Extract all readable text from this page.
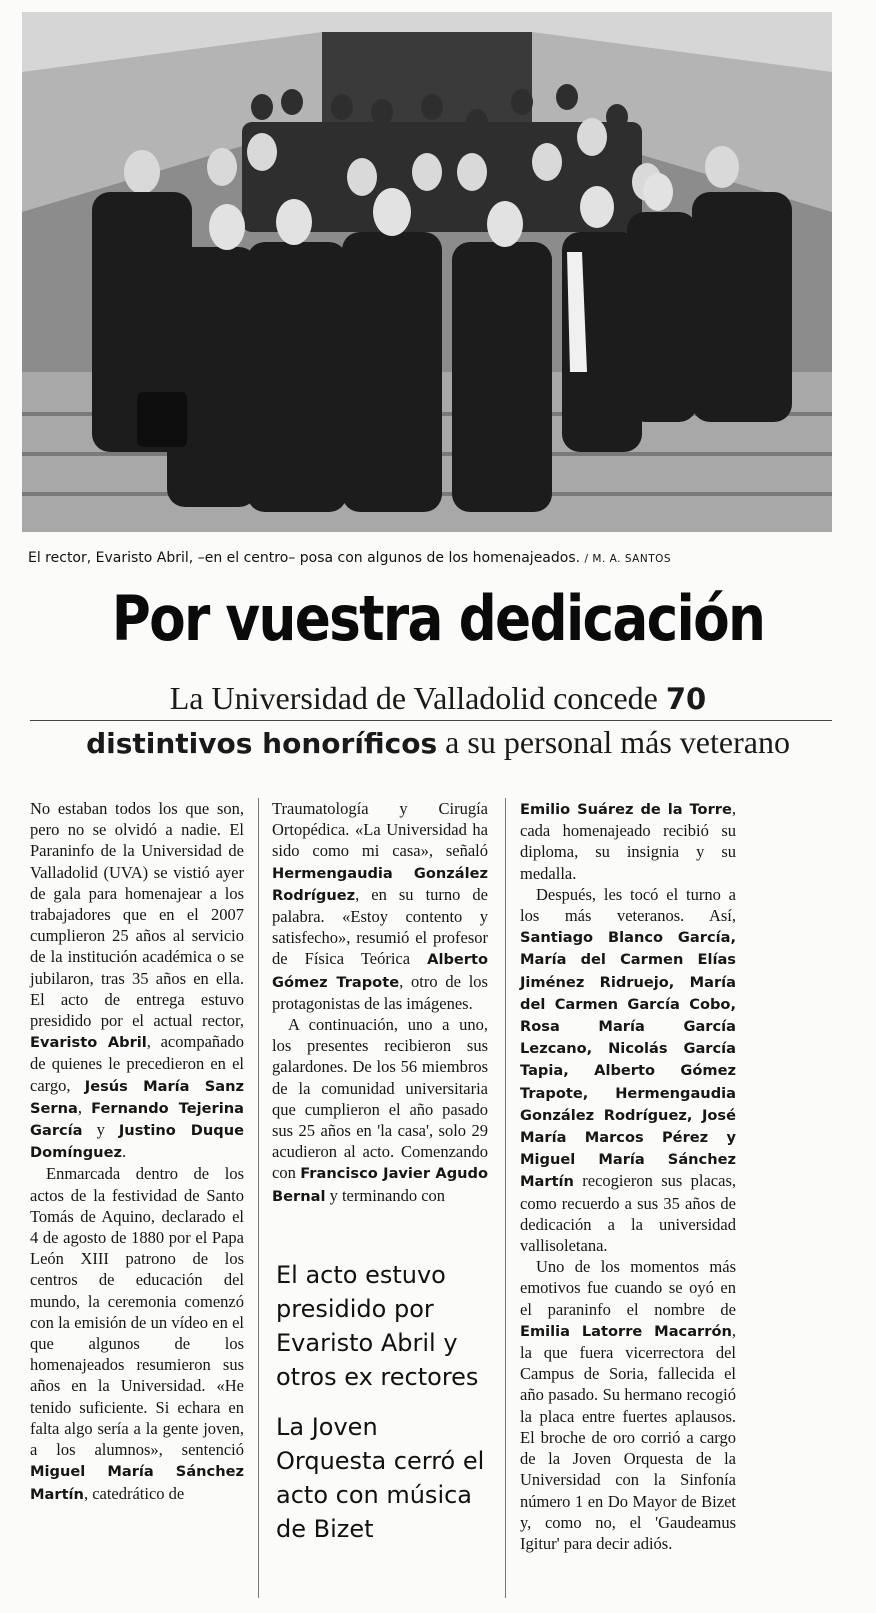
El rector, Evaristo Abril, –en el centro– posa con algunos de los homenajeados. / M. A. SANTOS
Por vuestra dedicación
La Universidad de Valladolid concede 70
distintivos honoríficos a su personal más veterano

No estaban todos los que son, pero no se olvidó a nadie. El Paraninfo de la Universidad de Valladolid (UVA) se vistió ayer de gala para homenajear a los trabajadores que en el 2007 cumplieron 25 años al servicio de la institución académica o se jubilaron, tras 35 años en ella. El acto de entrega estuvo presidido por el actual rector, Evaristo Abril, acompañado de quienes le precedieron en el cargo, Jesús María Sanz Serna, Fernando Tejerina García y Justino Duque Domínguez.

Enmarcada dentro de los actos de la festividad de Santo Tomás de Aquino, declarado el 4 de agosto de 1880 por el Papa León XIII patrono de los centros de educación del mundo, la ceremonia comenzó con la emisión de un vídeo en el que algunos de los homenajeados resumieron sus años en la Universidad. «He tenido suficiente. Si echara en falta algo sería a la gente joven, a los alumnos», sentenció Miguel María Sánchez Martín, catedrático de

Traumatología y Cirugía Ortopédica. «La Universidad ha sido como mi casa», señaló Hermengaudia González Rodríguez, en su turno de palabra. «Estoy contento y satisfecho», resumió el profesor de Física Teórica Alberto Gómez Trapote, otro de los protagonistas de las imágenes.

A continuación, uno a uno, los presentes recibieron sus galardones. De los 56 miembros de la comunidad universitaria que cumplieron el año pasado sus 25 años en 'la casa', solo 29 acudieron al acto. Comenzando con Francisco Javier Agudo Bernal y terminando con

El acto estuvo presidido por Evaristo Abril y otros ex rectores
La Joven Orquesta cerró el acto con música de Bizet

Emilio Suárez de la Torre, cada homenajeado recibió su diploma, su insignia y su medalla.

Después, les tocó el turno a los más veteranos. Así, Santiago Blanco García, María del Carmen Elías Jiménez Ridruejo, María del Carmen García Cobo, Rosa María García Lezcano, Nicolás García Tapia, Alberto Gómez Trapote, Hermengaudia González Rodríguez, José María Marcos Pérez y Miguel María Sánchez Martín recogieron sus placas, como recuerdo a sus 35 años de dedicación a la universidad vallisoletana.

Uno de los momentos más emotivos fue cuando se oyó en el paraninfo el nombre de Emilia Latorre Macarrón, la que fuera vicerrectora del Campus de Soria, fallecida el año pasado. Su hermano recogió la placa entre fuertes aplausos. El broche de oro corrió a cargo de la Joven Orquesta de la Universidad con la Sinfonía número 1 en Do Mayor de Bizet y, como no, el 'Gaudeamus Igitur' para decir adiós.
